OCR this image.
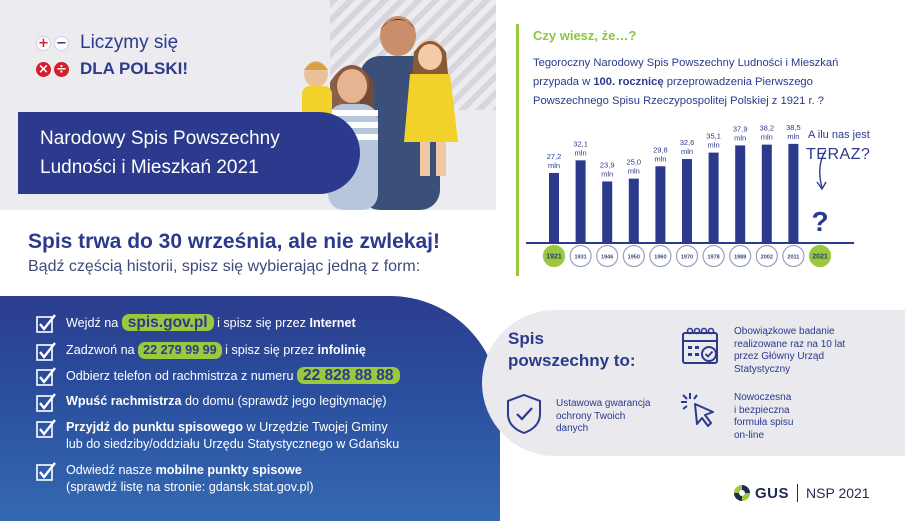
+ − Liczymy się
× ÷ DLA POLSKI!
Narodowy Spis Powszechny
Ludności i Mieszkań 2021
Spis trwa do 30 września, ale nie zwlekaj!
Bądź częścią historii, spisz się wybierając jedną z form:
Czy wiesz, że…?
Tegoroczny Narodowy Spis Powszechny Ludności i Mieszkań przypada w 100. rocznicę przeprowadzenia Pierwszego Powszechnego Spisu Rzeczypospolitej Polskiej z 1921 r. ?
27,2
mln
1921
32,1
mln
1931
23,9
mln
1946
25,0
mln
1950
29,8
mln
1960
32,6
mln
1970
35,1
mln
1978
37,9
mln
1988
38,2
mln
2002
38,5
mln
2011
?
2021
A ilu nas jest
TERAZ?
Wejdź na spis.gov.pl i spisz się przez Internet
Zadzwoń na 22 279 99 99 i spisz się przez infolinię
Odbierz telefon od rachmistrza z numeru 22 828 88 88
Wpuść rachmistrza do domu (sprawdź jego legitymację)
Przyjdź do punktu spisowego w Urzędzie Twojej Gminy
lub do siedziby/oddziału Urzędu Statystycznego w Gdańsku
Odwiedź nasze mobilne punkty spisowe
(sprawdź listę na stronie: gdansk.stat.gov.pl)
Spis
powszechny to:
Obowiązkowe badanie
realizowane raz na 10 lat
przez Główny Urząd
Statystyczny
Ustawowa gwarancja
ochrony Twoich
danych
Nowoczesna
i bezpieczna
formuła spisu
on-line
GUS NSP 2021
